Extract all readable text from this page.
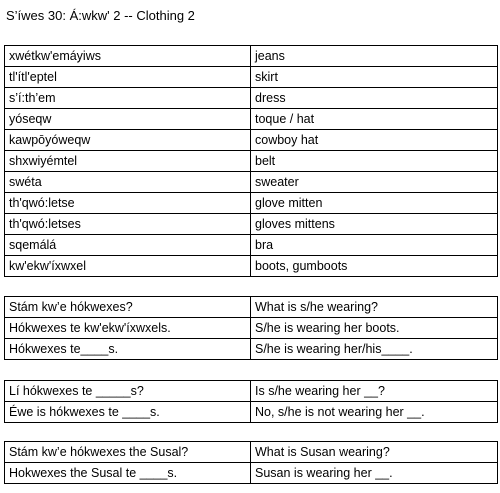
S’íwes 30: Á:wkw' 2 -- Clothing 2
xwétkw'emáyiws	jeans
tl'ítl'eptel	skirt
s’í:th’em	dress
yóseqw	toque / hat
kawpōyóweqw	cowboy hat
shxwiyémtel	belt
swéta	sweater
th'qwó:letse	glove mitten
th'qwó:letses	gloves mittens
sqemálá	bra
kw'ekw'íxwxel	boots, gumboots
Stám kw’e hókwexes?	What is s/he wearing?
Hókwexes te kw'ekw'íxwxels.	S/he is wearing her boots.
Hókwexes te____s.	S/he is wearing her/his____.
Lí hókwexes te _____s?	Is s/he wearing her __?
Éwe is hókwexes te ____s.	No, s/he is not wearing her __.
Stám kw’e hókwexes the Susal?	What is Susan wearing?
Hokwexes the Susal te ____s.	Susan is wearing her __.
